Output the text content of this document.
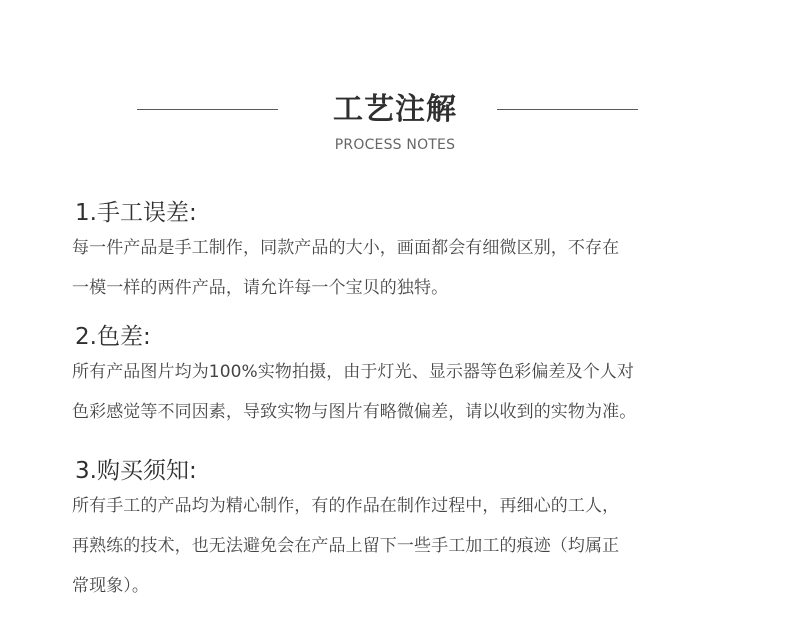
工艺注解
PROCESS NOTES
1.手工误差:

每一件产品是手工制作，同款产品的大小，画面都会有细微区别，不存在

一模一样的两件产品，请允许每一个宝贝的独特。

2.色差:

所有产品图片均为100%实物拍摄，由于灯光、显示器等色彩偏差及个人对

色彩感觉等不同因素，导致实物与图片有略微偏差，请以收到的实物为准。

3.购买须知:

所有手工的产品均为精心制作，有的作品在制作过程中，再细心的工人，

再熟练的技术，也无法避免会在产品上留下一些手工加工的痕迹（均属正

常现象）。
